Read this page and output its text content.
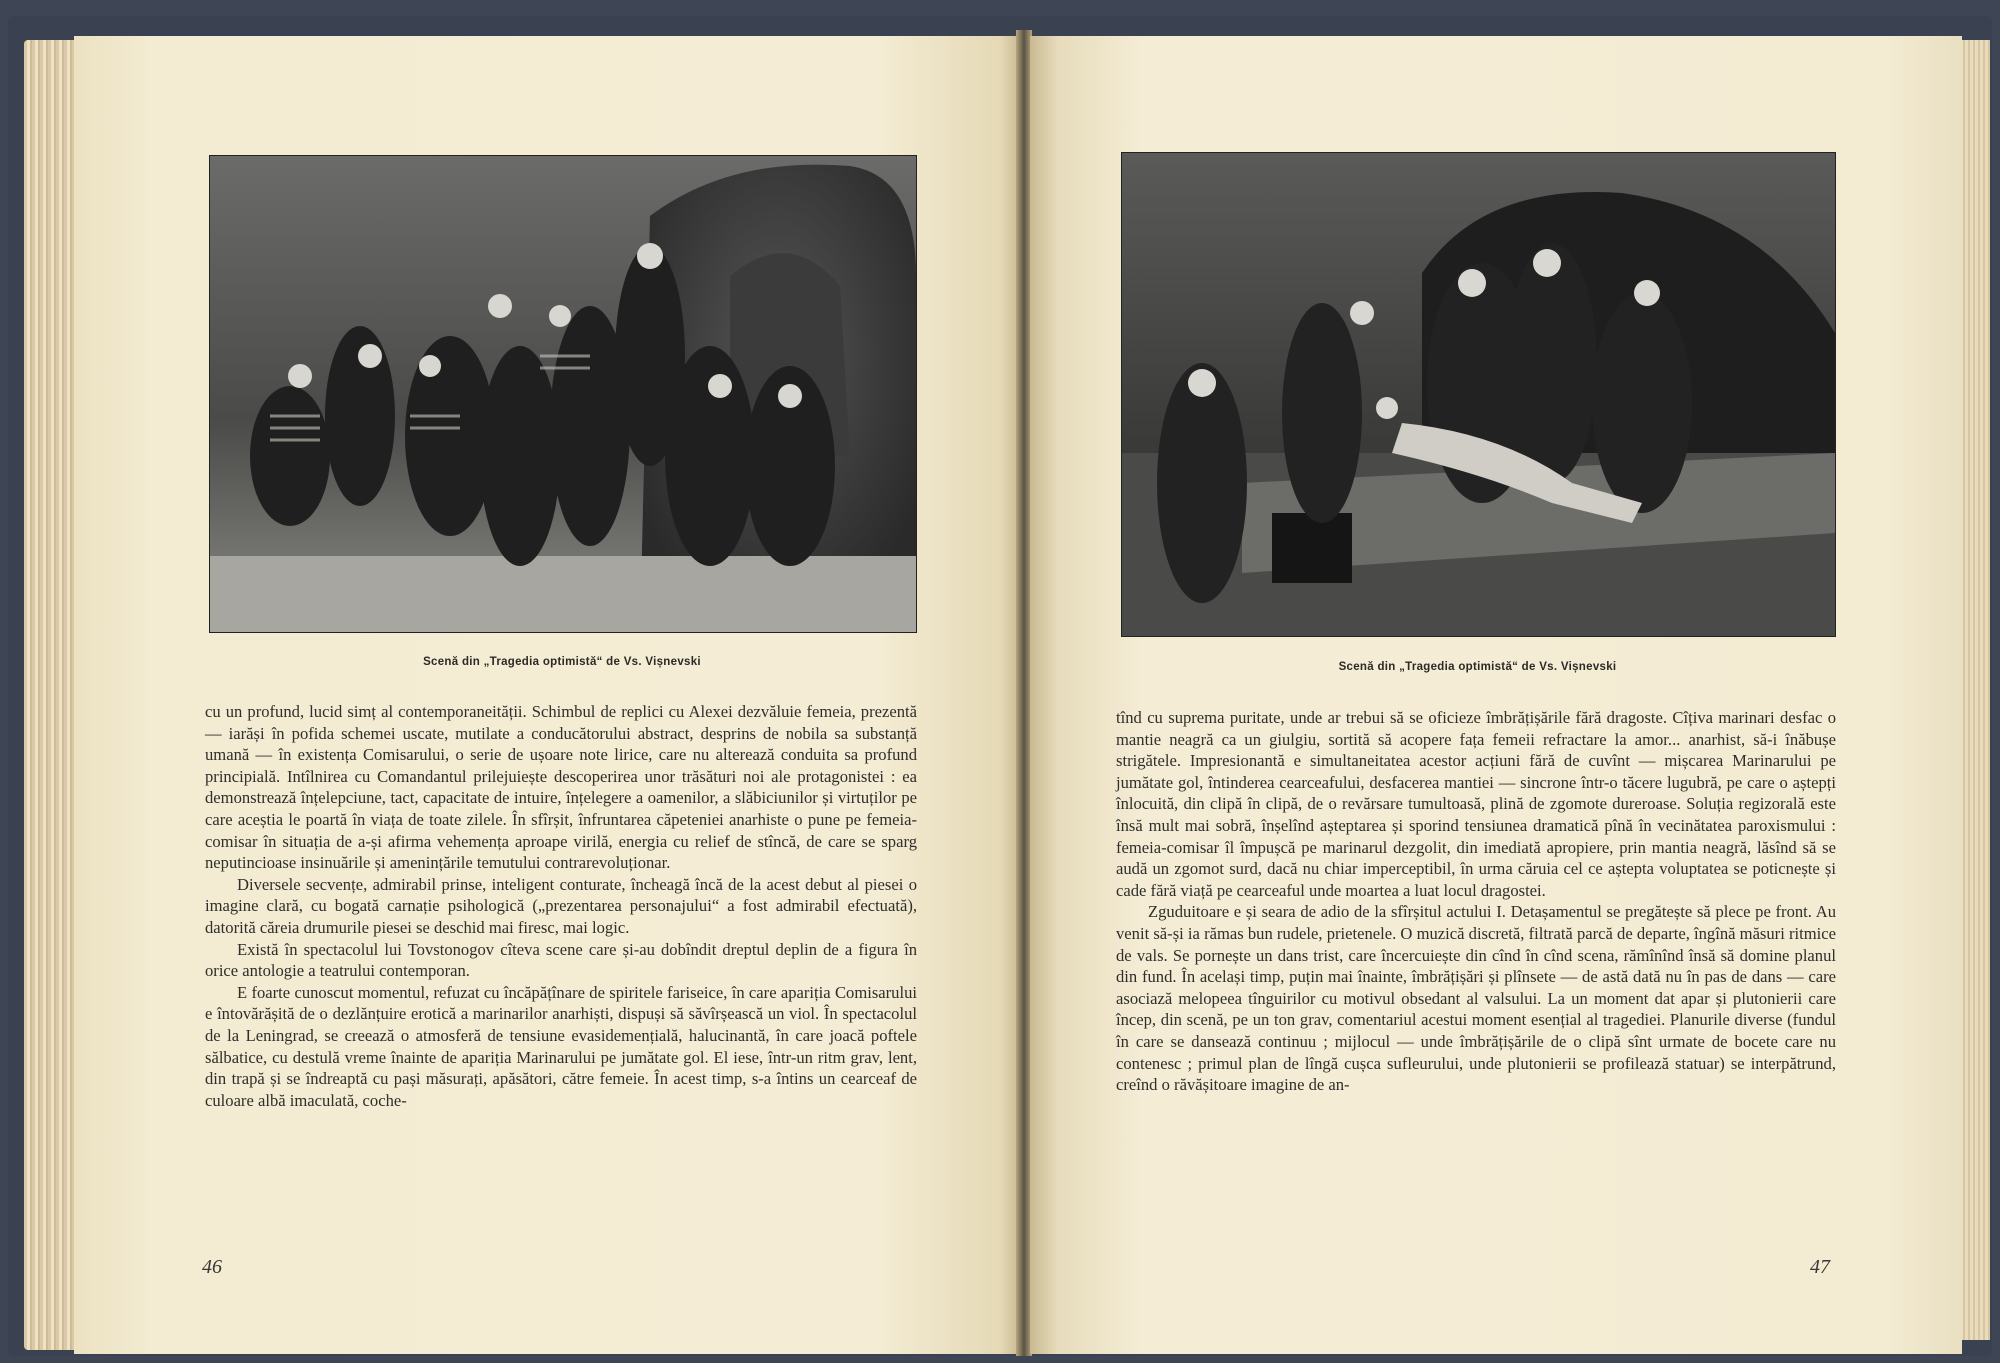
Scenă din „Tragedia optimistă“ de Vs. Vișnevski

cu un profund, lucid simț al contemporaneității. Schimbul de replici cu Alexei dezvăluie femeia, prezentă — iarăși în pofida schemei uscate, mutilate a conducătorului abstract, desprins de nobila sa substanță umană — în existența Comisarului, o serie de ușoare note lirice, care nu alterează conduita sa profund principială. Intîlnirea cu Comandantul prilejuiește descoperirea unor trăsături noi ale protagonistei : ea demonstrează înțelepciune, tact, capacitate de intuire, înțelegere a oamenilor, a slăbiciunilor și virtuților pe care aceștia le poartă în viața de toate zilele. În sfîrșit, înfruntarea căpeteniei anarhiste o pune pe femeia-comisar în situația de a-și afirma vehemența aproape virilă, energia cu relief de stîncă, de care se sparg neputincioase insinuările și amenințările temutului contrarevoluționar.

Diversele secvențe, admirabil prinse, inteligent conturate, încheagă încă de la acest debut al piesei o imagine clară, cu bogată carnație psihologică („prezentarea personajului“ a fost admirabil efectuată), datorită căreia drumurile piesei se deschid mai firesc, mai logic.

Există în spectacolul lui Tovstonogov cîteva scene care și-au dobîndit dreptul deplin de a figura în orice antologie a teatrului contemporan.

E foarte cunoscut momentul, refuzat cu încăpățînare de spiritele fariseice, în care apariția Comisarului e întovărășită de o dezlănțuire erotică a marinarilor anarhiști, dispuși să săvîrșească un viol. În spectacolul de la Leningrad, se creează o atmosferă de tensiune evasidemențială, halucinantă, în care joacă poftele sălbatice, cu destulă vreme înainte de apariția Marinarului pe jumătate gol. El iese, într-un ritm grav, lent, din trapă și se îndreaptă cu pași măsurați, apăsători, către femeie. În acest timp, s-a întins un cearceaf de culoare albă imaculată, coche-

46
Scenă din „Tragedia optimistă“ de Vs. Vișnevski

tînd cu suprema puritate, unde ar trebui să se oficieze îmbrățișările fără dragoste. Cîțiva marinari desfac o mantie neagră ca un giulgiu, sortită să acopere fața femeii refractare la amor... anarhist, să-i înăbușe strigătele. Impresionantă e simultaneitatea acestor acțiuni fără de cuvînt — mișcarea Marinarului pe jumătate gol, întinderea cearceafului, desfacerea mantiei — sincrone într-o tăcere lugubră, pe care o aștepți înlocuită, din clipă în clipă, de o revărsare tumultoasă, plină de zgomote dureroase. Soluția regizorală este însă mult mai sobră, înșelînd așteptarea și sporind tensiunea dramatică pînă în vecinătatea paroxismului : femeia-comisar îl împușcă pe marinarul dezgolit, din imediată apropiere, prin mantia neagră, lăsînd să se audă un zgomot surd, dacă nu chiar imperceptibil, în urma căruia cel ce aștepta voluptatea se poticnește și cade fără viață pe cearceaful unde moartea a luat locul dragostei.

Zguduitoare e și seara de adio de la sfîrșitul actului I. Detașamentul se pregătește să plece pe front. Au venit să-și ia rămas bun rudele, prietenele. O muzică discretă, filtrată parcă de departe, îngînă măsuri ritmice de vals. Se pornește un dans trist, care încercuiește din cînd în cînd scena, rămînînd însă să domine planul din fund. În același timp, puțin mai înainte, îmbrățișări și plînsete — de astă dată nu în pas de dans — care asociază melopeea tînguirilor cu motivul obsedant al valsului. La un moment dat apar și plutonierii care încep, din scenă, pe un ton grav, comentariul acestui moment esențial al tragediei. Planurile diverse (fundul în care se dansează continuu ; mijlocul — unde îmbrățișările de o clipă sînt urmate de bocete care nu contenesc ; primul plan de lîngă cușca sufleurului, unde plutonierii se profilează statuar) se interpătrund, creînd o răvășitoare imagine de an-

47
